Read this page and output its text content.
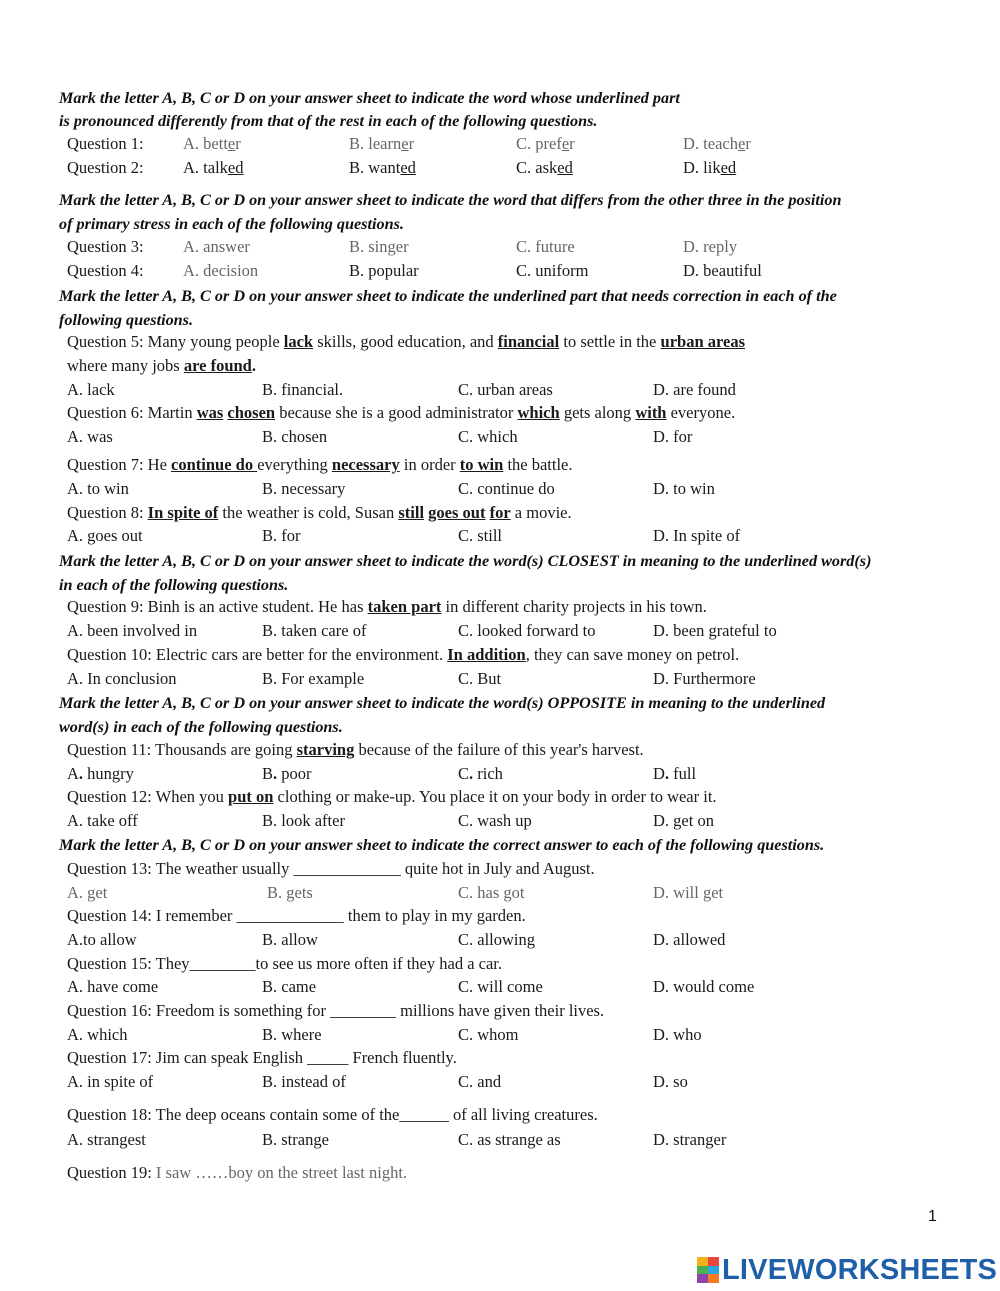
Mark the letter A, B, C or D on your answer sheet to indicate the word whose underlined part
is pronounced differently from that of the rest in each of the following questions.
Question 1: A. better	B. learner	C. prefer	D. teacher
Question 2: A. talked	B. wanted	C. asked	D. liked
Mark the letter A, B, C or D on your answer sheet to indicate the word that differs from the other three in the position
of primary stress in each of the following questions.
Question 3: A. answer	B. singer	C. future	D. reply
Question 4: A. decision	B. popular	C. uniform	D. beautiful
Mark the letter A, B, C or D on your answer sheet to indicate the underlined part that needs correction in each of the
following questions.
Question 5: Many young people lack skills, good education, and financial to settle in the urban areas
where many jobs are found.
A. lack	B. financial.	C. urban areas	D. are found
Question 6: Martin was chosen because she is a good administrator which gets along with everyone.
A. was	B. chosen	C. which	D. for
Question 7: He continue do everything necessary in order to win the battle.
A. to win	B. necessary	C. continue do	D. to win
Question 8: In spite of the weather is cold, Susan still goes out for a movie.
A. goes out	B. for	C. still	D. In spite of
Mark the letter A, B, C or D on your answer sheet to indicate the word(s) CLOSEST in meaning to the underlined word(s)
in each of the following questions.
Question 9: Binh is an active student. He has taken part in different charity projects in his town.
A. been involved in	B. taken care of	C. looked forward to	D. been grateful to
Question 10: Electric cars are better for the environment. In addition, they can save money on petrol.
A. In conclusion	B. For example	C. But	D. Furthermore
Mark the letter A, B, C or D on your answer sheet to indicate the word(s) OPPOSITE in meaning to the underlined
word(s) in each of the following questions.
Question 11: Thousands are going starving because of the failure of this year's harvest.
A. hungry	B. poor	C. rich	D. full
Question 12: When you put on clothing or make-up. You place it on your body in order to wear it.
A. take off	B. look after	C. wash up	D. get on
Mark the letter A, B, C or D on your answer sheet to indicate the correct answer to each of the following questions.
Question 13: The weather usually _____________ quite hot in July and August.
A. get	B. gets	C. has got	D. will get
Question 14: I remember _____________ them to play in my garden.
A.to allow	B. allow	C. allowing	D. allowed
Question 15: They________to see us more often if they had a car.
A. have come	B. came	C. will come	D. would come
Question 16: Freedom is something for ________ millions have given their lives.
A. which	B. where	C. whom	D. who
Question 17: Jim can speak English _____ French fluently.
A. in spite of	B. instead of	C. and	D. so
Question 18: The deep oceans contain some of the______ of all living creatures.
A. strangest	B. strange	C. as strange as	D. stranger
Question 19: I saw ……boy on the street last night.
1
LIVEWORKSHEETS
